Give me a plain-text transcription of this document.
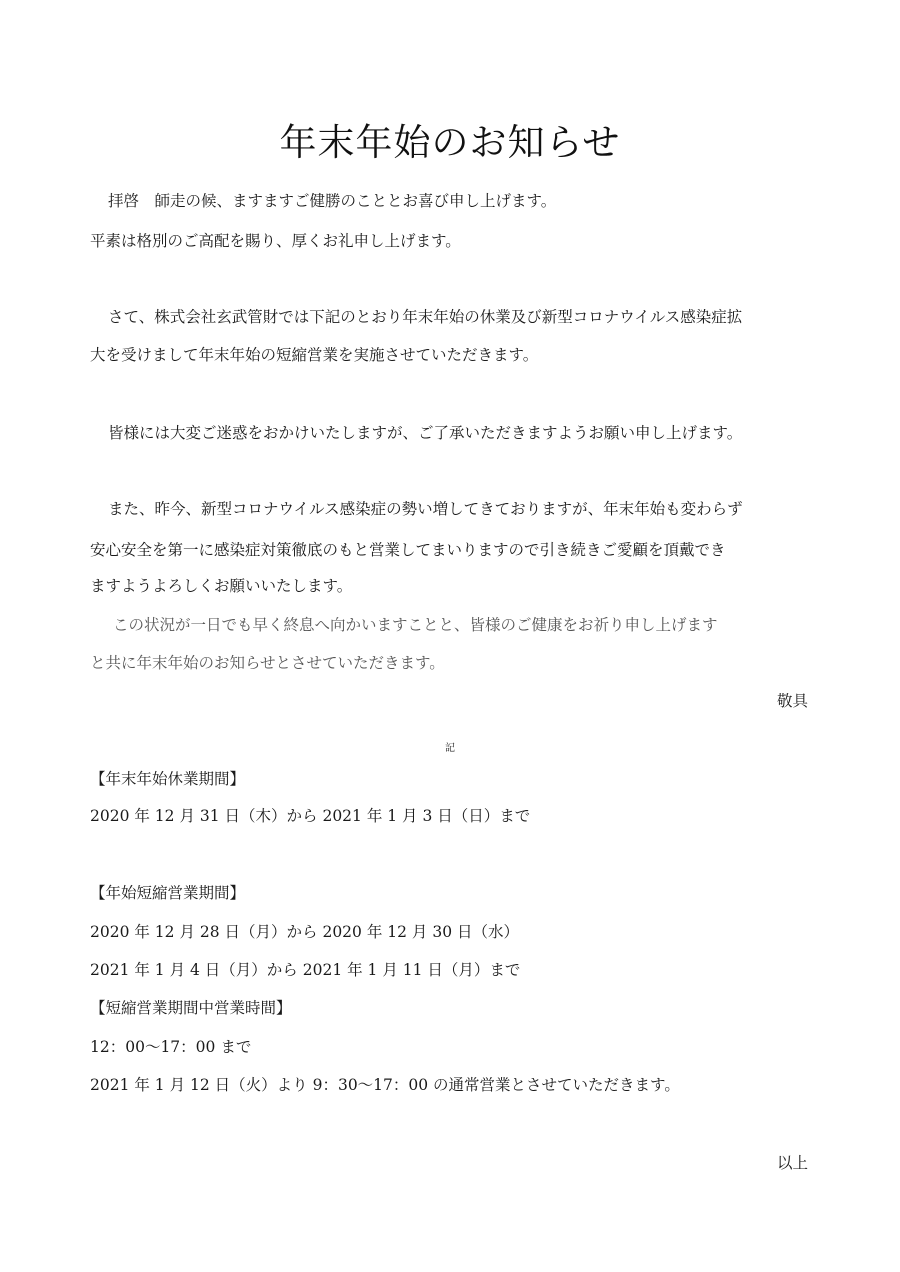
年末年始のお知らせ
拝啓　師走の候、ますますご健勝のこととお喜び申し上げます。
平素は格別のご高配を賜り、厚くお礼申し上げます。
さて、株式会社玄武管財では下記のとおり年末年始の休業及び新型コロナウイルス感染症拡
大を受けまして年末年始の短縮営業を実施させていただきます。
皆様には大変ご迷惑をおかけいたしますが、ご了承いただきますようお願い申し上げます。
また、昨今、新型コロナウイルス感染症の勢い増してきておりますが、年末年始も変わらず
安心安全を第一に感染症対策徹底のもと営業してまいりますので引き続きご愛顧を頂戴でき
ますようよろしくお願いいたします。
この状況が一日でも早く終息へ向かいますことと、皆様のご健康をお祈り申し上げます
と共に年末年始のお知らせとさせていただきます。
敬具
記
【年末年始休業期間】
2020 年 12 月 31 日（木）から 2021 年 1 月 3 日（日）まで
【年始短縮営業期間】
2020 年 12 月 28 日（月）から 2020 年 12 月 30 日（水）
2021 年 1 月 4 日（月）から 2021 年 1 月 11 日（月）まで
【短縮営業期間中営業時間】
12：00～17：00 まで
2021 年 1 月 12 日（火）より 9：30～17：00 の通常営業とさせていただきます。
以上
